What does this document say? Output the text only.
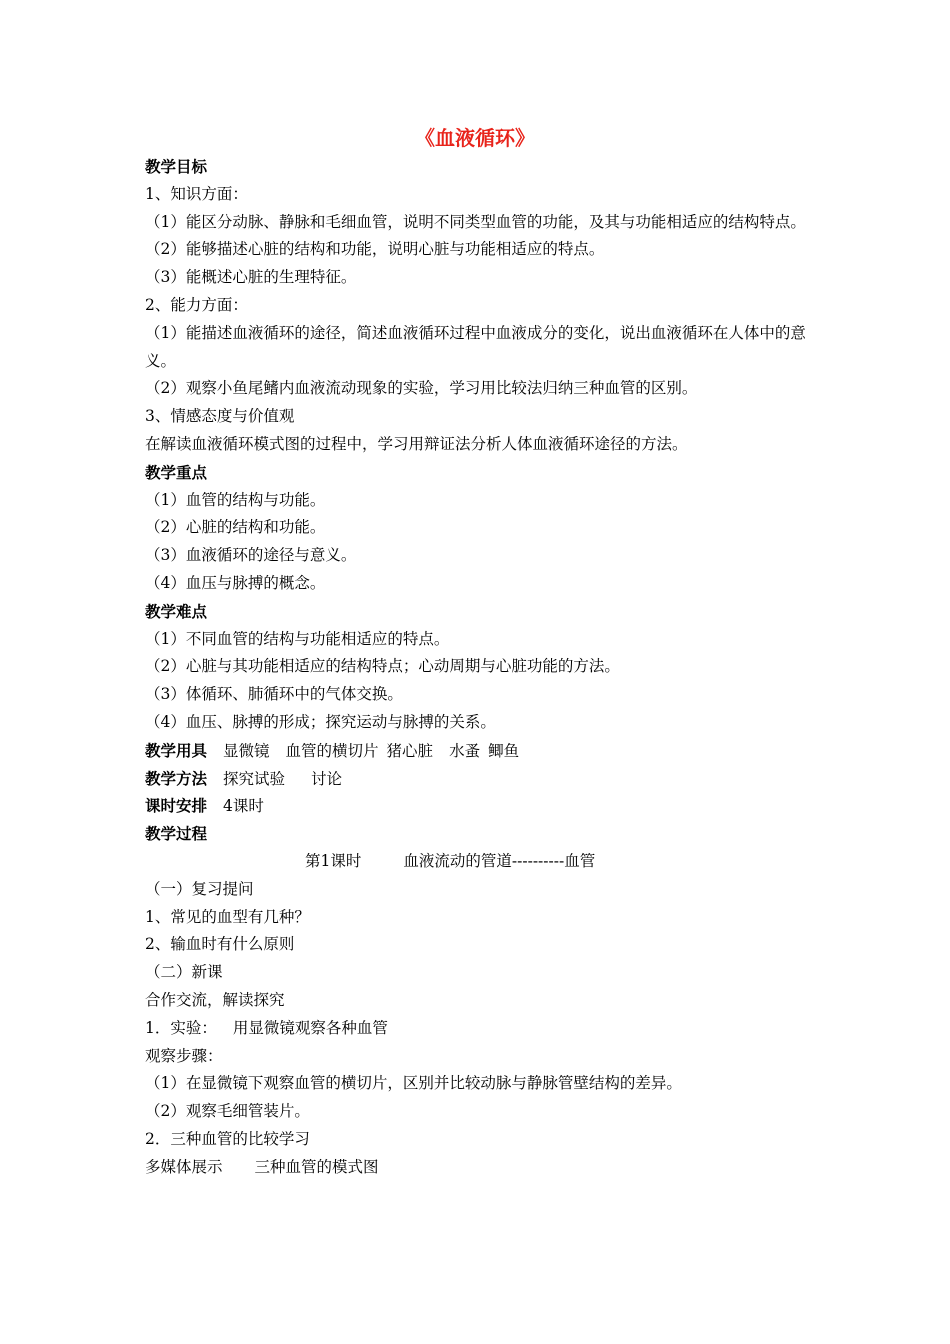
《血液循环》
教学目标
1、知识方面：
（1）能区分动脉、静脉和毛细血管，说明不同类型血管的功能，及其与功能相适应的结构特点。
（2）能够描述心脏的结构和功能，说明心脏与功能相适应的特点。
（3）能概述心脏的生理特征。
2、能力方面：
（1）能描述血液循环的途径，简述血液循环过程中血液成分的变化，说出血液循环在人体中的意义。
（2）观察小鱼尾鳍内血液流动现象的实验，学习用比较法归纳三种血管的区别。
3、情感态度与价值观
在解读血液循环模式图的过程中，学习用辩证法分析人体血液循环途径的方法。
教学重点
（1）血管的结构与功能。
（2）心脏的结构和功能。
（3）血液循环的途径与意义。
（4）血压与脉搏的概念。
教学难点
（1）不同血管的结构与功能相适应的特点。
（2）心脏与其功能相适应的结构特点；心动周期与心脏功能的方法。
（3）体循环、肺循环中的气体交换。
（4）血压、脉搏的形成；探究运动与脉搏的关系。
教学用具 显微镜 血管的横切片 猪心脏 水蚤 鲫鱼
教学方法 探究试验 讨论
课时安排 4课时
教学过程
第1课时	血液流动的管道----------血管
（一）复习提问
1、常见的血型有几种？
2、输血时有什么原则
（二）新课
合作交流，解读探究
1．实验： 用显微镜观察各种血管
观察步骤：
（1）在显微镜下观察血管的横切片，区别并比较动脉与静脉管壁结构的差异。
（2）观察毛细管装片。
2．三种血管的比较学习
多媒体展示 三种血管的模式图
